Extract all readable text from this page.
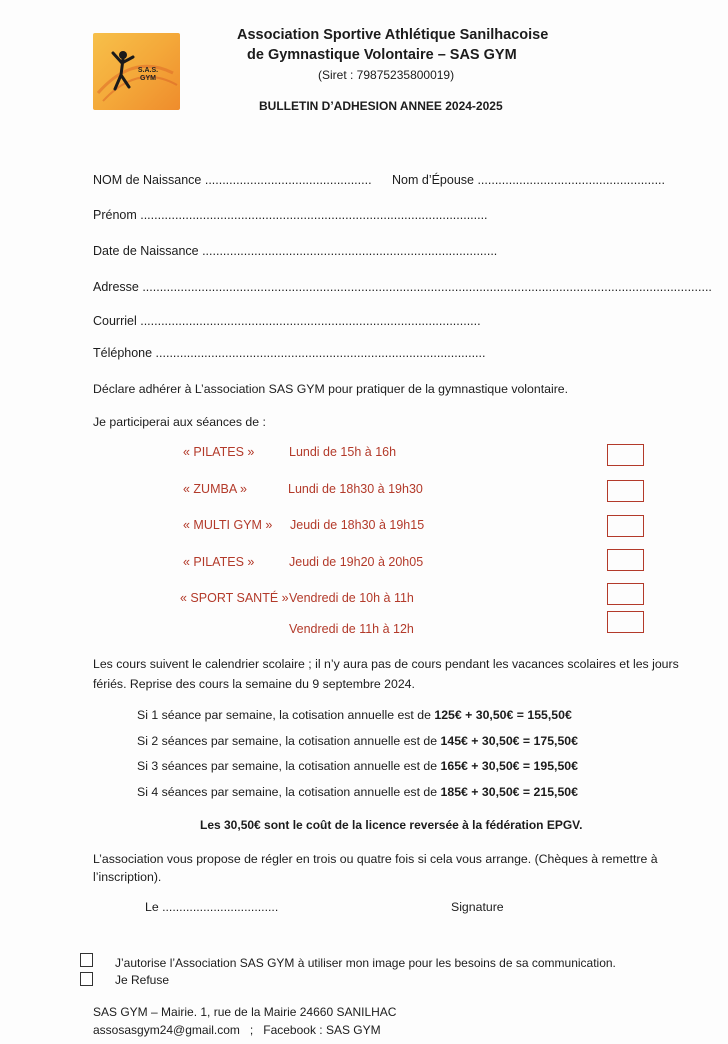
S.A.S.
GYM
Association Sportive Athlétique Sanilhacoise
de Gymnastique Volontaire – SAS GYM
(Siret : 79875235800019)
BULLETIN D’ADHESION ANNEE 2024-2025
NOM de Naissance ................................................ Nom d’Épouse ......................................................
Prénom ....................................................................................................
Date de Naissance .....................................................................................
Adresse ....................................................................................................................................................................
Courriel ..................................................................................................
Téléphone ...............................................................................................
Déclare adhérer à L’association SAS GYM pour pratiquer de la gymnastique volontaire.
Je participerai aux séances de :
« PILATES »	Lundi de 15h à 16h
« ZUMBA »	Lundi de 18h30 à 19h30
« MULTI GYM » Jeudi de 18h30 à 19h15
« PILATES »	Jeudi de 19h20 à 20h05
« SPORT SANTÉ » Vendredi de 10h à 11h
Vendredi de 11h à 12h
Les cours suivent le calendrier scolaire ; il n’y aura pas de cours pendant les vacances scolaires et les jours fériés. Reprise des cours la semaine du 9 septembre 2024.
Si 1 séance par semaine, la cotisation annuelle est de 125€ + 30,50€ = 155,50€
Si 2 séances par semaine, la cotisation annuelle est de 145€ + 30,50€ = 175,50€
Si 3 séances par semaine, la cotisation annuelle est de 165€ + 30,50€ = 195,50€
Si 4 séances par semaine, la cotisation annuelle est de 185€ + 30,50€ = 215,50€
Les 30,50€ sont le coût de la licence reversée à la fédération EPGV.
L’association vous propose de régler en trois ou quatre fois si cela vous arrange. (Chèques à remettre à l’inscription).
Le ..................................	Signature
J’autorise l’Association SAS GYM à utiliser mon image pour les besoins de sa communication.
Je Refuse
SAS GYM – Mairie. 1, rue de la Mairie 24660 SANILHAC
assosasgym24@gmail.com   ;   Facebook : SAS GYM
